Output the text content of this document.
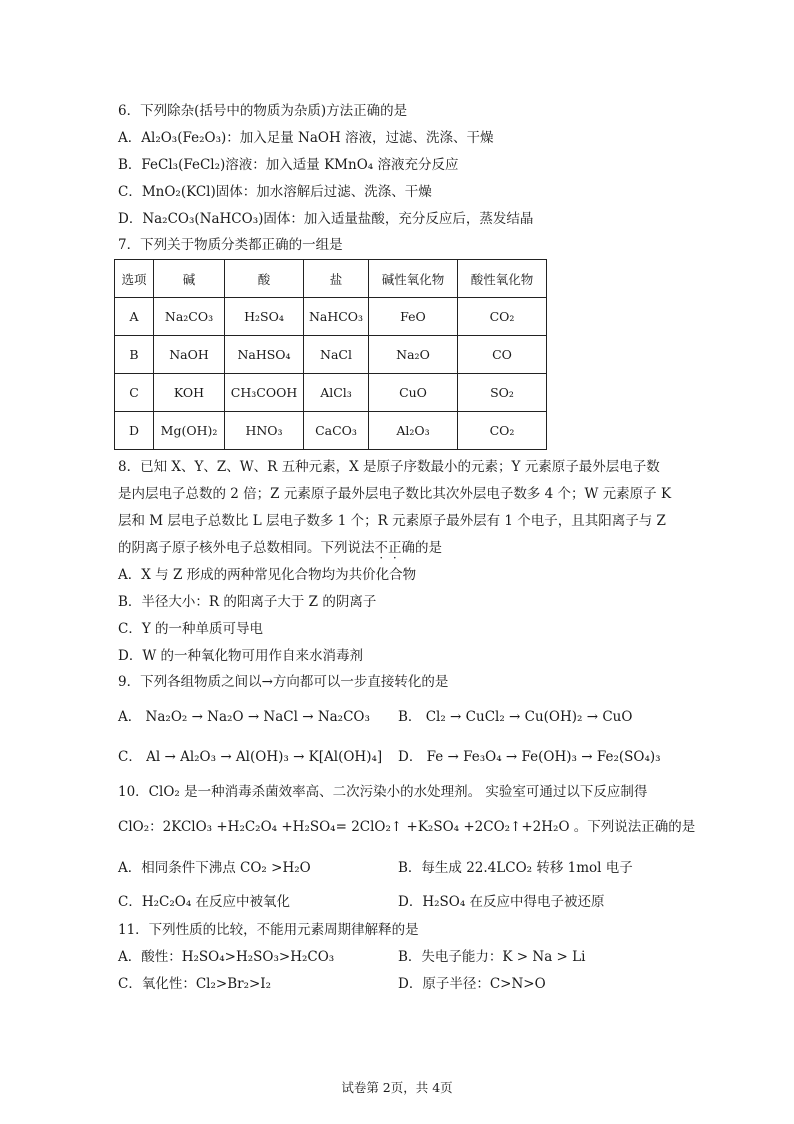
6．下列除杂(括号中的物质为杂质)方法正确的是
A．Al₂O₃(Fe₂O₃)：加入足量 NaOH 溶液，过滤、洗涤、干燥
B．FeCl₃(FeCl₂)溶液：加入适量 KMnO₄ 溶液充分反应
C．MnO₂(KCl)固体：加水溶解后过滤、洗涤、干燥
D．Na₂CO₃(NaHCO₃)固体：加入适量盐酸，充分反应后，蒸发结晶
7．下列关于物质分类都正确的一组是
选项	碱	酸	盐	碱性氧化物	酸性氧化物
A	Na₂CO₃	H₂SO₄	NaHCO₃	FeO	CO₂
B	NaOH	NaHSO₄	NaCl	Na₂O	CO
C	KOH	CH₃COOH	AlCl₃	CuO	SO₂
D	Mg(OH)₂	HNO₃	CaCO₃	Al₂O₃	CO₂
8．已知 X、Y、Z、W、R 五种元素，X 是原子序数最小的元素；Y 元素原子最外层电子数
是内层电子总数的 2 倍；Z 元素原子最外层电子数比其次外层电子数多 4 个；W 元素原子 K
层和 M 层电子总数比 L 层电子数多 1 个；R 元素原子最外层有 1 个电子，且其阳离子与 Z
的阴离子原子核外电子总数相同。下列说法不正确的是
A．X 与 Z 形成的两种常见化合物均为共价化合物
B．半径大小：R 的阳离子大于 Z 的阴离子
C．Y 的一种单质可导电
D．W 的一种氧化物可用作自来水消毒剂
9．下列各组物质之间以→方向都可以一步直接转化的是
A． Na₂O₂ → Na₂O → NaCl → Na₂CO₃ B． Cl₂ → CuCl₂ → Cu(OH)₂ → CuO
C． Al → Al₂O₃ → Al(OH)₃ → K[Al(OH)₄] D． Fe → Fe₃O₄ → Fe(OH)₃ → Fe₂(SO₄)₃
10．ClO₂ 是一种消毒杀菌效率高、二次污染小的水处理剂。 实验室可通过以下反应制得
ClO₂：2KClO₃ +H₂C₂O₄ +H₂SO₄= 2ClO₂↑ +K₂SO₄ +2CO₂↑+2H₂O 。下列说法正确的是
A．相同条件下沸点 CO₂ >H₂O	B．每生成 22.4LCO₂ 转移 1mol 电子
C．H₂C₂O₄ 在反应中被氧化	D．H₂SO₄ 在反应中得电子被还原
11．下列性质的比较，不能用元素周期律解释的是
A．酸性：H₂SO₄>H₂SO₃>H₂CO₃	B．失电子能力：K > Na > Li
C．氧化性：Cl₂>Br₂>I₂	D．原子半径：C>N>O
试卷第 2页，共 4页
